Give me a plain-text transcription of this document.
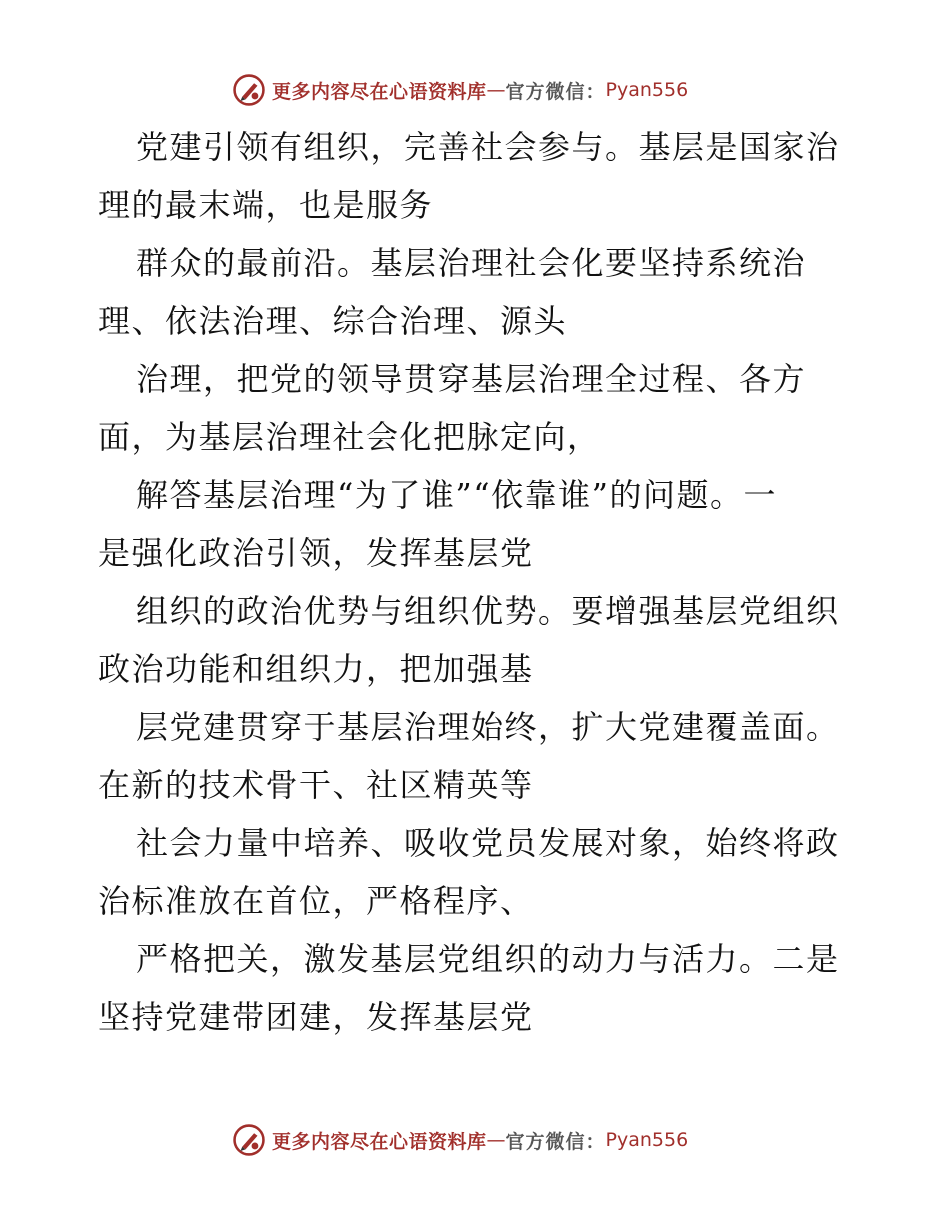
更多内容尽在心语资料库 — 官方微信： Pyan556
党建引领有组织，完善社会参与。基层是国家治
理的最末端，也是服务
群众的最前沿。基层治理社会化要坚持系统治
理、依法治理、综合治理、源头
治理，把党的领导贯穿基层治理全过程、各方
面，为基层治理社会化把脉定向，
解答基层治理“为了谁”“依靠谁”的问题。一
是强化政治引领，发挥基层党
组织的政治优势与组织优势。要增强基层党组织
政治功能和组织力，把加强基
层党建贯穿于基层治理始终，扩大党建覆盖面。
在新的技术骨干、社区精英等
社会力量中培养、吸收党员发展对象，始终将政
治标准放在首位，严格程序、
严格把关，激发基层党组织的动力与活力。二是
坚持党建带团建，发挥基层党
更多内容尽在心语资料库 — 官方微信： Pyan556
